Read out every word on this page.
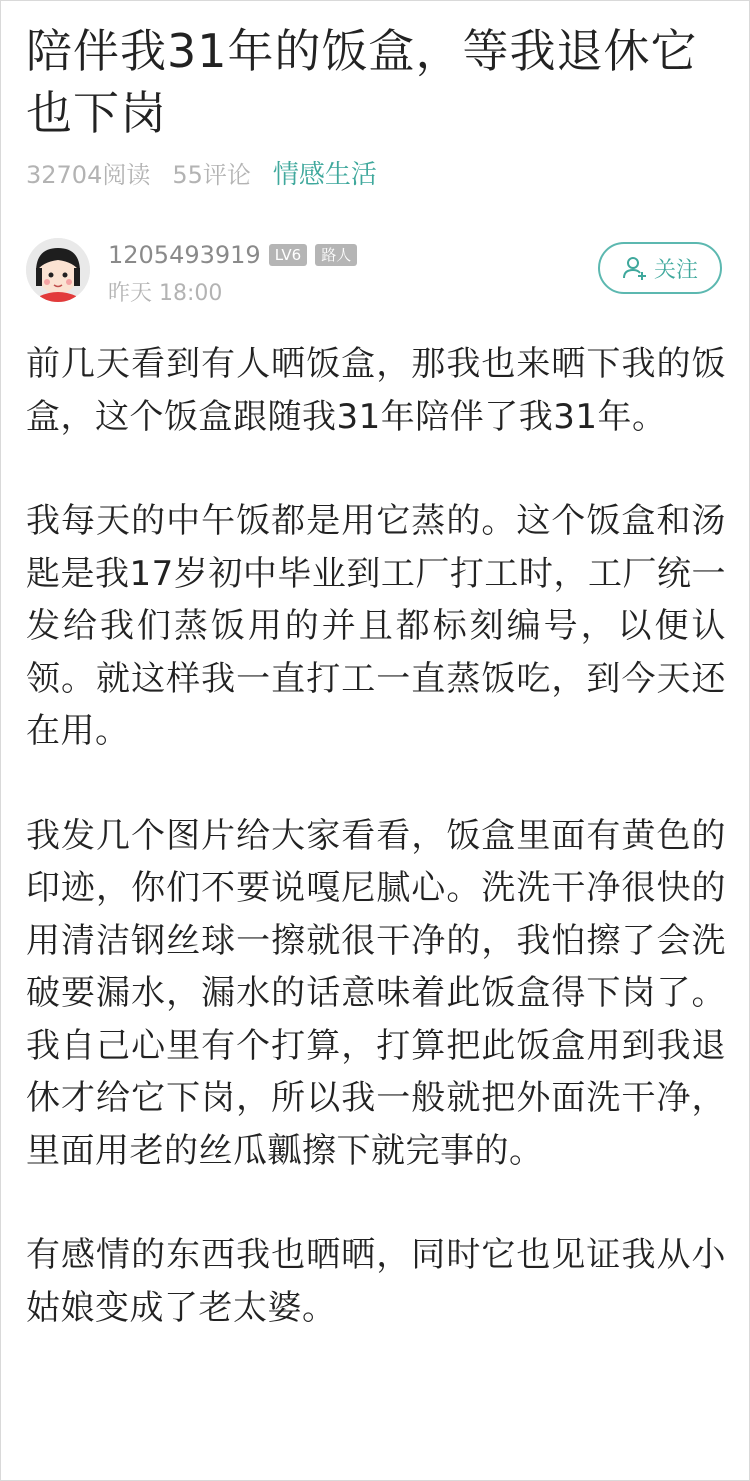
陪伴我31年的饭盒，等我退休它也下岗
32704阅读 55评论 情感生活
1205493919 LV6	路人
昨天 18:00
关注

前几天看到有人晒饭盒，那我也来晒下我的饭盒，这个饭盒跟随我31年陪伴了我31年。

我每天的中午饭都是用它蒸的。这个饭盒和汤匙是我17岁初中毕业到工厂打工时，工厂统一发给我们蒸饭用的并且都标刻编号，以便认领。就这样我一直打工一直蒸饭吃，到今天还在用。

我发几个图片给大家看看，饭盒里面有黄色的印迹，你们不要说嘎尼腻心。洗洗干净很快的用清洁钢丝球一擦就很干净的，我怕擦了会洗破要漏水，漏水的话意味着此饭盒得下岗了。我自己心里有个打算，打算把此饭盒用到我退休才给它下岗，所以我一般就把外面洗干净，里面用老的丝瓜瓤擦下就完事的。

有感情的东西我也晒晒，同时它也见证我从小姑娘变成了老太婆。
